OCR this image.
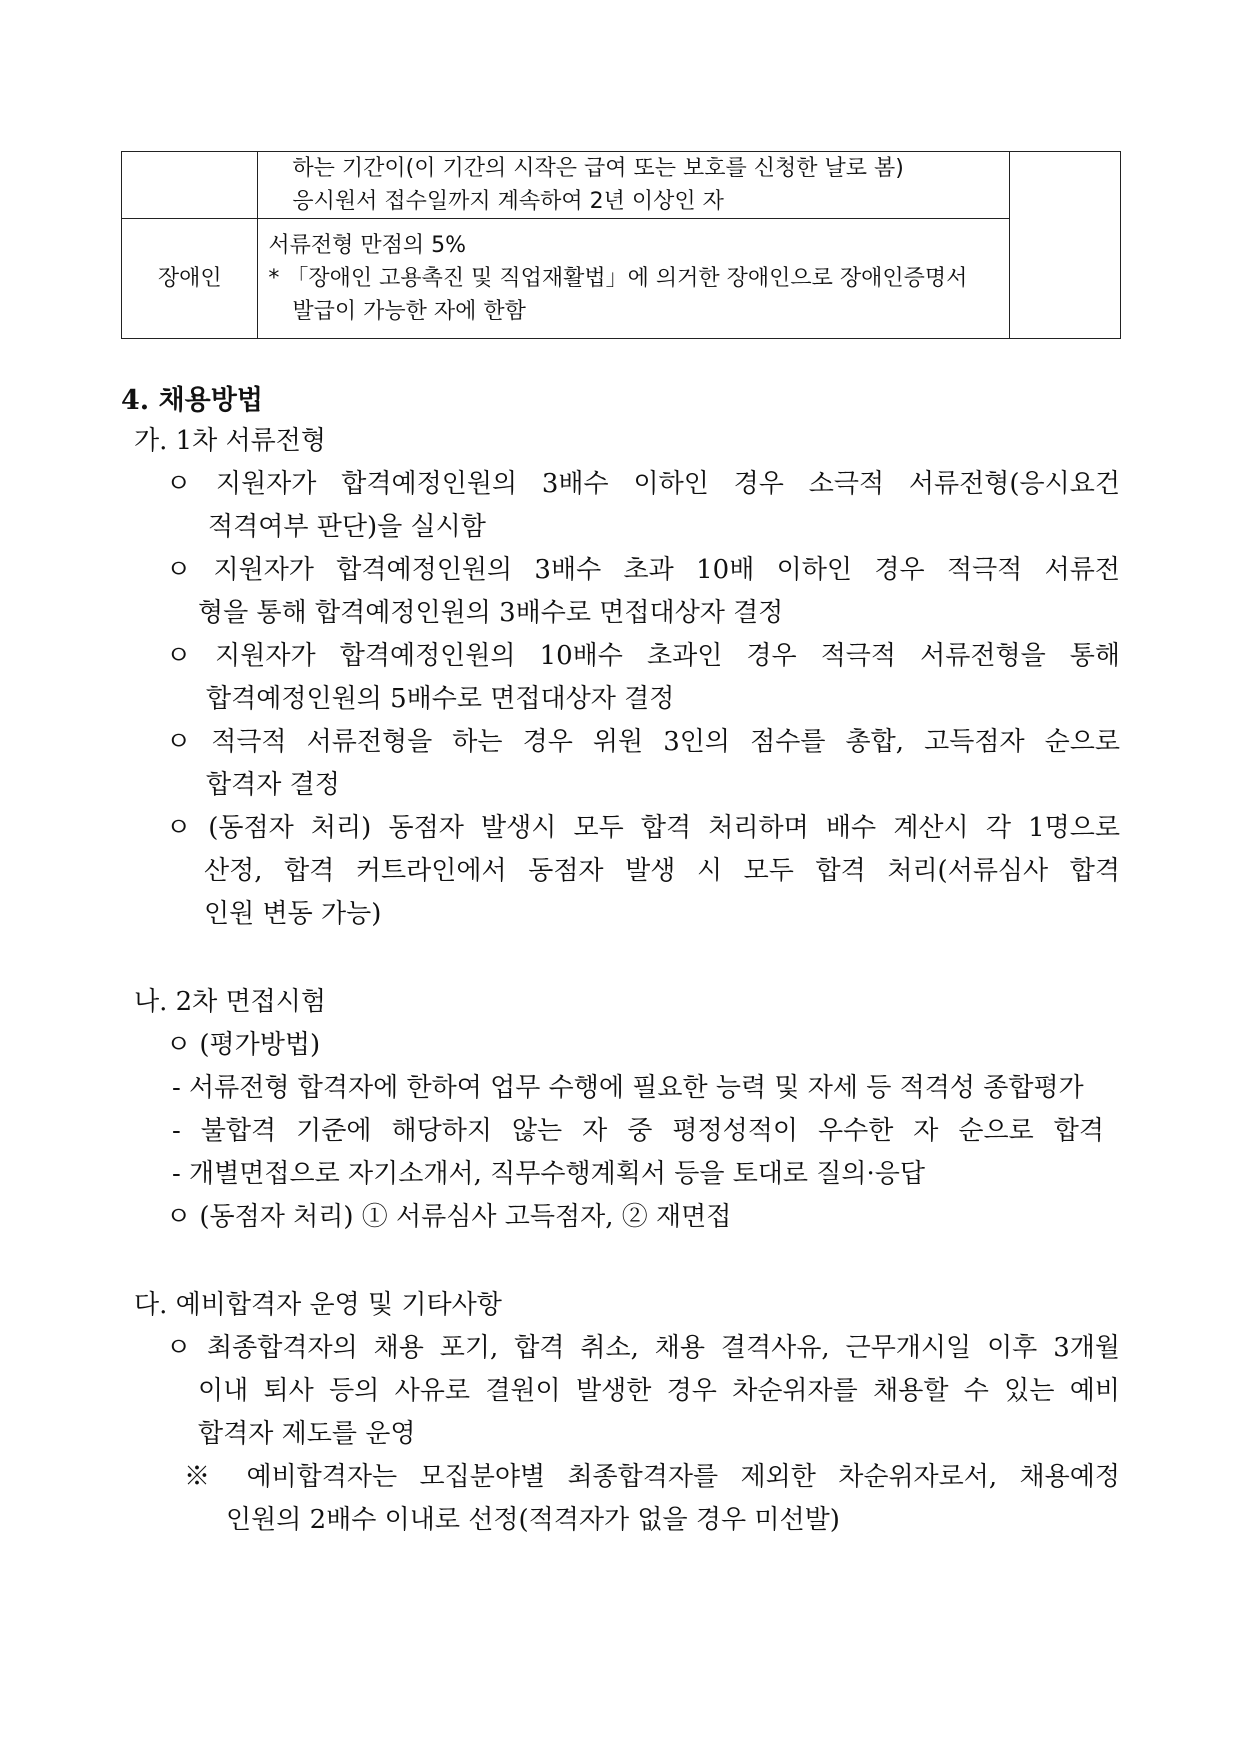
	하는 기간이(이 기간의 시작은 급여 또는 보호를 신청한 날로 봄)
응시원서 접수일까지 계속하여 2년 이상인 자	

장애인	서류전형 만점의 5%
* 「장애인 고용촉진 및 직업재활법」에 의거한 장애인으로 장애인증명서
발급이 가능한 자에 한함	
4. 채용방법
가. 1차 서류전형
ㅇ 지원자가 합격예정인원의 3배수 이하인 경우 소극적 서류전형(응시요건
적격여부 판단)을 실시함
ㅇ 지원자가 합격예정인원의 3배수 초과 10배 이하인 경우 적극적 서류전
형을 통해 합격예정인원의 3배수로 면접대상자 결정
ㅇ 지원자가 합격예정인원의 10배수 초과인 경우 적극적 서류전형을 통해
합격예정인원의 5배수로 면접대상자 결정
ㅇ 적극적 서류전형을 하는 경우 위원 3인의 점수를 총합, 고득점자 순으로
합격자 결정
ㅇ (동점자 처리) 동점자 발생시 모두 합격 처리하며 배수 계산시 각 1명으로
산정, 합격 커트라인에서 동점자 발생 시 모두 합격 처리(서류심사 합격
인원 변동 가능)
나. 2차 면접시험
ㅇ (평가방법)
- 서류전형 합격자에 한하여 업무 수행에 필요한 능력 및 자세 등 적격성 종합평가
- 불합격 기준에 해당하지 않는 자 중 평정성적이 우수한 자 순으로 합격
- 개별면접으로 자기소개서, 직무수행계획서 등을 토대로 질의·응답
ㅇ (동점자 처리) ① 서류심사 고득점자, ② 재면접
다. 예비합격자 운영 및 기타사항
ㅇ 최종합격자의 채용 포기, 합격 취소, 채용 결격사유, 근무개시일 이후 3개월
이내 퇴사 등의 사유로 결원이 발생한 경우 차순위자를 채용할 수 있는 예비
합격자 제도를 운영
※ 예비합격자는 모집분야별 최종합격자를 제외한 차순위자로서, 채용예정
인원의 2배수 이내로 선정(적격자가 없을 경우 미선발)
